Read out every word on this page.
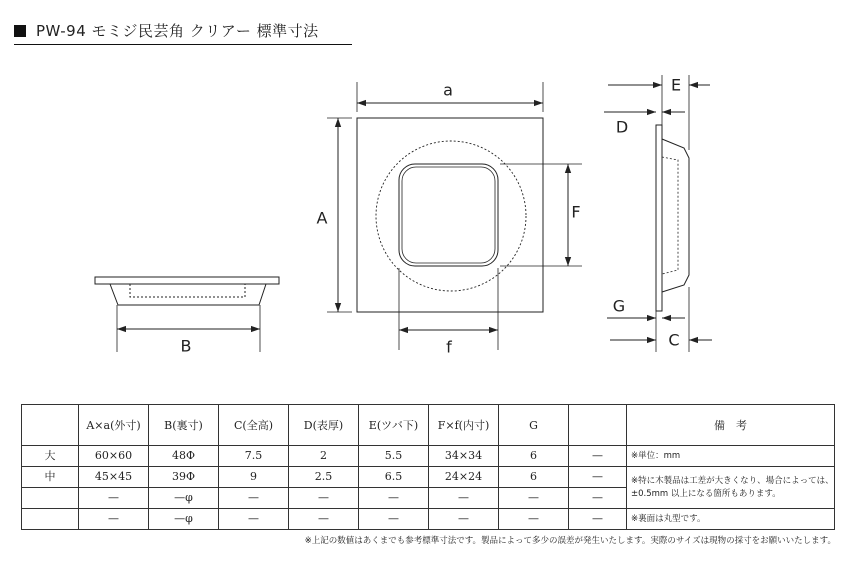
PW-94 モミジ民芸角 クリアー 標準寸法
a
A
B
F
f
E
D
G
C
	A×a(外寸)	B(裏寸)	C(全高)	D(表厚)	E(ツバ下)	F×f(内寸)	G		備　考
大	60×60	48Φ	7.5	2	5.5	34×34	6	—	※単位：mm
中	45×45	39Φ	9	2.5	6.5	24×24	6	—	※特に木製品は工差が大きくなり、場合によっては、±0.5mm 以上になる箇所もあります。
	—	—φ	—	—	—	—	—	—	
	—	—φ	—	—	—	—	—	—	※裏面は丸型です。
※上記の数値はあくまでも参考標準寸法です。製品によって多少の誤差が発生いたします。実際のサイズは現物の採寸をお願いいたします。
